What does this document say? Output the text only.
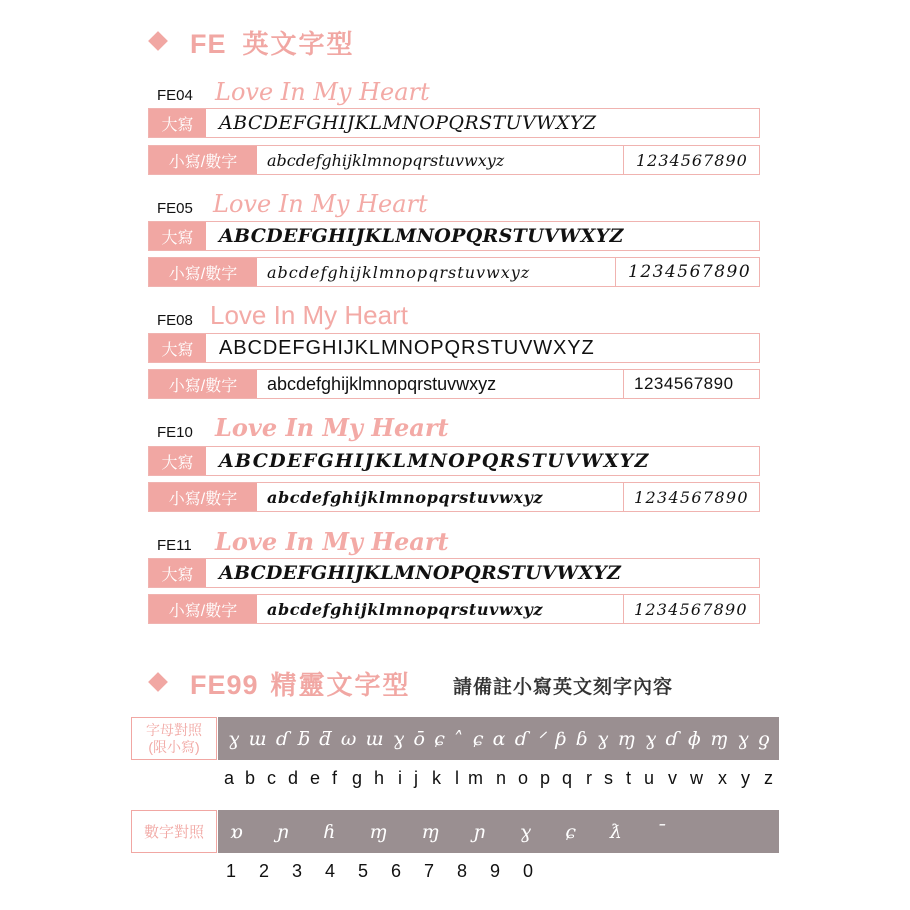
FE 英文字型
FE04 Love In My Heart
大寫	ABCDEFGHIJKLMNOPQRSTUVWXYZ
小寫/數字	abcdefghijklmnopqrstuvwxyz	1234567890
FE05 Love In My Heart
大寫	ABCDEFGHIJKLMNOPQRSTUVWXYZ
小寫/數字	abcdefghijklmnopqrstuvwxyz	1234567890
FE08 Love In My Heart
大寫	ABCDEFGHIJKLMNOPQRSTUVWXYZ
小寫/數字	abcdefghijklmnopqrstuvwxyz	1234567890
FE10 Love In My Heart
大寫	ABCDEFGHIJKLMNOPQRSTUVWXYZ
小寫/數字	abcdefghijklmnopqrstuvwxyz	1234567890
FE11 Love In My Heart
大寫	ABCDEFGHIJKLMNOPQRSTUVWXYZ
小寫/數字	abcdefghijklmnopqrstuvwxyz	1234567890
FE99 精靈文字型 請備註小寫英文刻字內容
字母對照
(限小寫) ɣ ɯ ɗ ƃ ƌ ω ɯ ɣ ō ɕ ˄ ɕ ɑ ɗ ᐟ ƥ ɓ ɣ ɱ ɣ ɗ ɸ ɱ ɣ ƍ
a b c d e f g h i j k l m n o p q r s t u v w x y z
數字對照 ɒ ɲ ɦ ɱ ɱ ɲ ɣ ɕ ƛ ˉ
1 2 3 4 5 6 7 8 9 0
